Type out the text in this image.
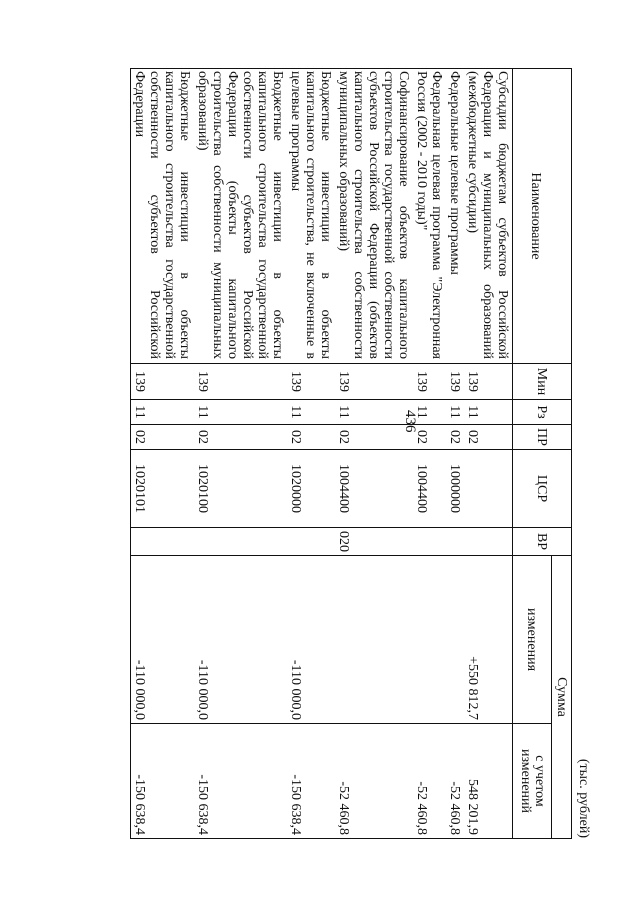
436
(тыс. рублей)
Наименование	Мин	Рз	ПР	ЦСР	ВР	Сумма	
						изменения	с учетом изменений
Субсидии бюджетам субъектов Российской Федерации и муниципальных образований (межбюджетные субсидии)	139	11	02			+550 812,7	548 201,9
Федеральные целевые программы	139	11	02	1000000			-52 460,8
Федеральная целевая программа "Электронная Россия (2002 - 2010 годы)"	139	11	02	1004400			-52 460,8
Софинансирование объектов капитального строительства государственной собственности субъектов Российской Федерации (объектов капитального строительства собственности муниципальных образований)	139	11	02	1004400	020		-52 460,8
Бюджетные инвестиции в объекты капитального строительства, не включенные в целевые программы	139	11	02	1020000		-110 000,0	-150 638,4
Бюджетные инвестиции в объекты капитального строительства государственной собственности субъектов Российской Федерации (объекты капитального строительства собственности муниципальных образований)	139	11	02	1020100		-110 000,0	-150 638,4
Бюджетные инвестиции в объекты капитального строительства государственной собственности субъектов Российской Федерации	139	11	02	1020101		-110 000,0	-150 638,4
